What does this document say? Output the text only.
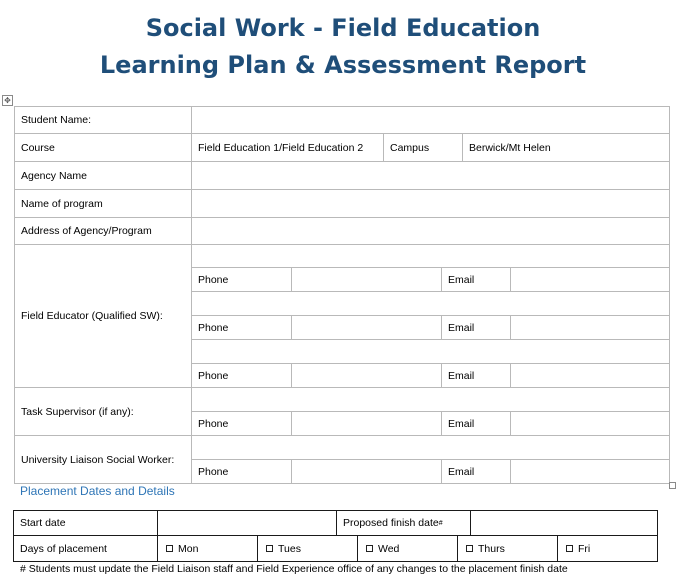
Social Work - Field Education
Learning Plan & Assessment Report
✥
Student Name:
Course	Field Education 1/Field Education 2	Campus	Berwick/Mt Helen
Agency Name
Name of program
Address of Agency/Program
Field Educator (Qualified SW):
Phone	Email
Phone	Email
Phone	Email
Task Supervisor (if any):
Phone	Email
University Liaison Social Worker:
Phone	Email
Placement Dates and Details
Start date	Proposed finish date #
Days of placement	Mon	Tues	Wed	Thurs	Fri
# Students must update the Field Liaison staff and Field Experience office of any changes to the placement finish date
